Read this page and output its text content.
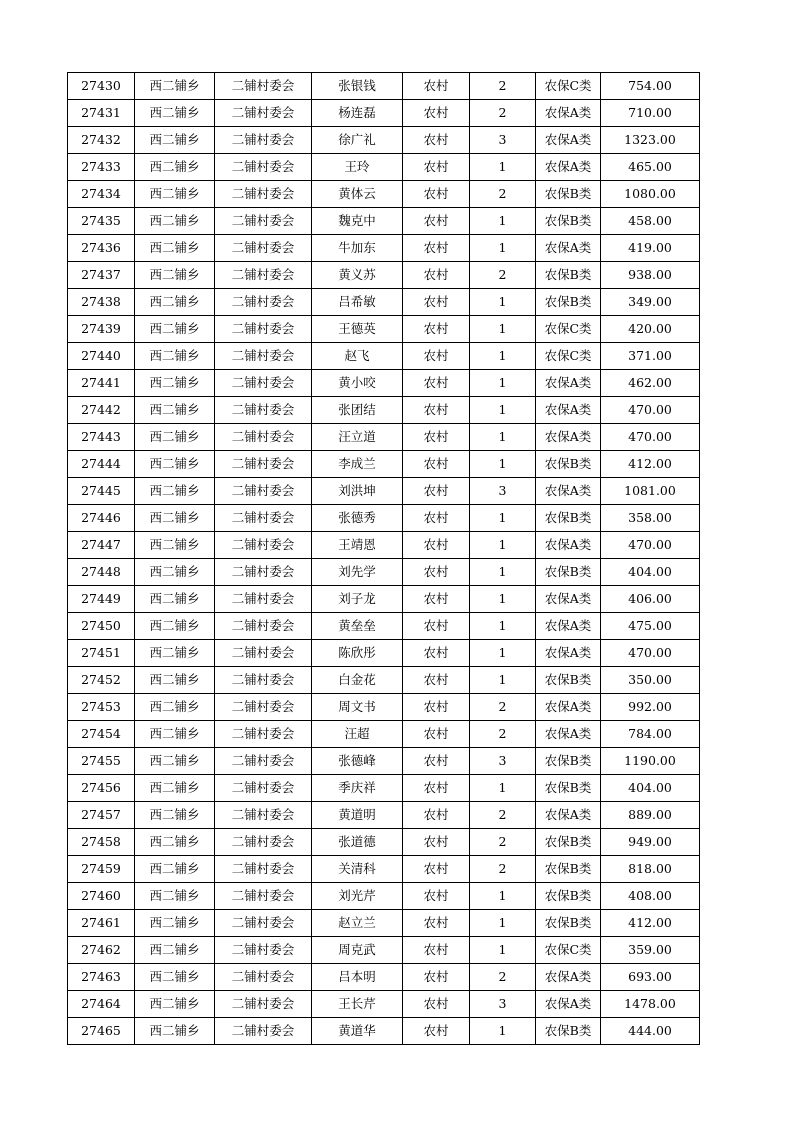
27430	西二铺乡	二铺村委会	张银钱	农村	2	农保C类	754.00
27431	西二铺乡	二铺村委会	杨连磊	农村	2	农保A类	710.00
27432	西二铺乡	二铺村委会	徐广礼	农村	3	农保A类	1323.00
27433	西二铺乡	二铺村委会	王玲	农村	1	农保A类	465.00
27434	西二铺乡	二铺村委会	黄体云	农村	2	农保B类	1080.00
27435	西二铺乡	二铺村委会	魏克中	农村	1	农保B类	458.00
27436	西二铺乡	二铺村委会	牛加东	农村	1	农保A类	419.00
27437	西二铺乡	二铺村委会	黄义苏	农村	2	农保B类	938.00
27438	西二铺乡	二铺村委会	吕希敏	农村	1	农保B类	349.00
27439	西二铺乡	二铺村委会	王德英	农村	1	农保C类	420.00
27440	西二铺乡	二铺村委会	赵飞	农村	1	农保C类	371.00
27441	西二铺乡	二铺村委会	黄小咬	农村	1	农保A类	462.00
27442	西二铺乡	二铺村委会	张团结	农村	1	农保A类	470.00
27443	西二铺乡	二铺村委会	汪立道	农村	1	农保A类	470.00
27444	西二铺乡	二铺村委会	李成兰	农村	1	农保B类	412.00
27445	西二铺乡	二铺村委会	刘洪坤	农村	3	农保A类	1081.00
27446	西二铺乡	二铺村委会	张德秀	农村	1	农保B类	358.00
27447	西二铺乡	二铺村委会	王靖恩	农村	1	农保A类	470.00
27448	西二铺乡	二铺村委会	刘先学	农村	1	农保B类	404.00
27449	西二铺乡	二铺村委会	刘子龙	农村	1	农保A类	406.00
27450	西二铺乡	二铺村委会	黄垒垒	农村	1	农保A类	475.00
27451	西二铺乡	二铺村委会	陈欣彤	农村	1	农保A类	470.00
27452	西二铺乡	二铺村委会	白金花	农村	1	农保B类	350.00
27453	西二铺乡	二铺村委会	周文书	农村	2	农保A类	992.00
27454	西二铺乡	二铺村委会	汪超	农村	2	农保A类	784.00
27455	西二铺乡	二铺村委会	张德峰	农村	3	农保B类	1190.00
27456	西二铺乡	二铺村委会	季庆祥	农村	1	农保B类	404.00
27457	西二铺乡	二铺村委会	黄道明	农村	2	农保A类	889.00
27458	西二铺乡	二铺村委会	张道德	农村	2	农保B类	949.00
27459	西二铺乡	二铺村委会	关清科	农村	2	农保B类	818.00
27460	西二铺乡	二铺村委会	刘光芹	农村	1	农保B类	408.00
27461	西二铺乡	二铺村委会	赵立兰	农村	1	农保B类	412.00
27462	西二铺乡	二铺村委会	周克武	农村	1	农保C类	359.00
27463	西二铺乡	二铺村委会	吕本明	农村	2	农保A类	693.00
27464	西二铺乡	二铺村委会	王长芹	农村	3	农保A类	1478.00
27465	西二铺乡	二铺村委会	黄道华	农村	1	农保B类	444.00
